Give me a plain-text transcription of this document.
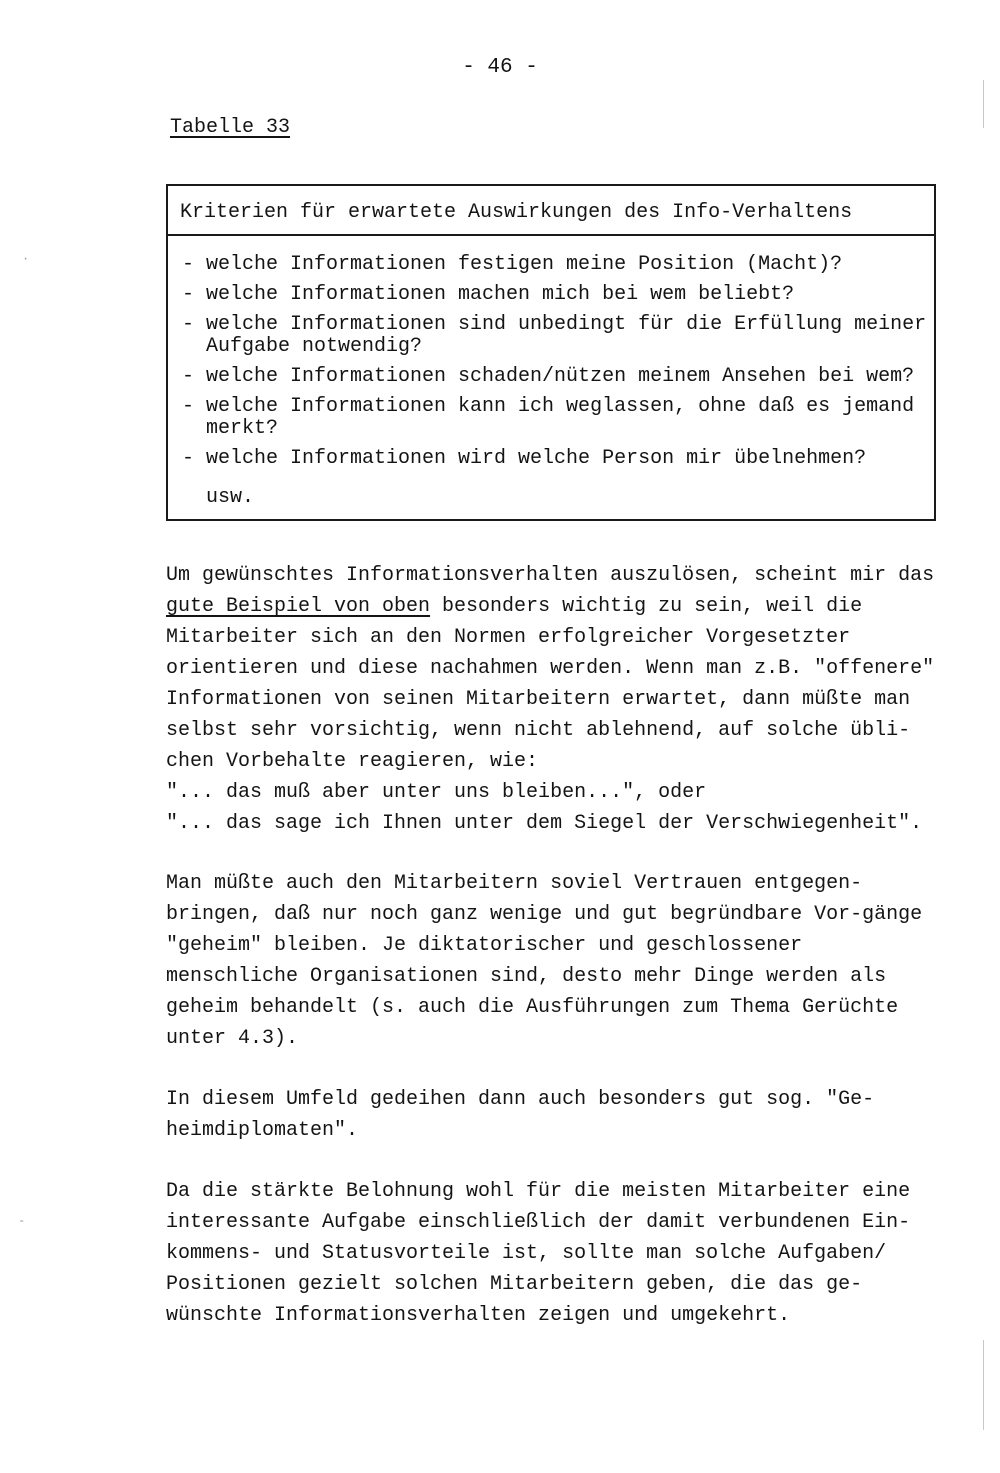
- 46 -
Tabelle 33
Kriterien für erwartete Auswirkungen des Info-Verhaltens
- welche Informationen festigen meine Position (Macht)?
- welche Informationen machen mich bei wem beliebt?
- welche Informationen sind unbedingt für die Erfüllung meiner Aufgabe notwendig?
- welche Informationen schaden/nützen meinem Ansehen bei wem?
- welche Informationen kann ich weglassen, ohne daß es jemand merkt?
- welche Informationen wird welche Person mir übelnehmen?
usw.

Um gewünschtes Informationsverhalten auszulösen, scheint mir das gute Beispiel von oben besonders wichtig zu sein, weil die Mitarbeiter sich an den Normen erfolgreicher Vorgesetzter orientieren und diese nachahmen werden. Wenn man z.B. "offenere" Informationen von seinen Mitarbeitern erwartet, dann müßte man selbst sehr vorsichtig, wenn nicht ablehnend, auf solche übli-chen Vorbehalte reagieren, wie:
"... das muß aber unter uns bleiben...", oder
"... das sage ich Ihnen unter dem Siegel der Verschwiegenheit".

Man müßte auch den Mitarbeitern soviel Vertrauen entgegen-bringen, daß nur noch ganz wenige und gut begründbare Vor-gänge "geheim" bleiben. Je diktatorischer und geschlossener menschliche Organisationen sind, desto mehr Dinge werden als geheim behandelt (s. auch die Ausführungen zum Thema Gerüchte unter 4.3).

In diesem Umfeld gedeihen dann auch besonders gut sog. "Ge-heimdiplomaten".

Da die stärkte Belohnung wohl für die meisten Mitarbeiter eine interessante Aufgabe einschließlich der damit verbundenen Ein-kommens- und Statusvorteile ist, sollte man solche Aufgaben/ Positionen gezielt solchen Mitarbeitern geben, die das ge-wünschte Informationsverhalten zeigen und umgekehrt.

·
-
